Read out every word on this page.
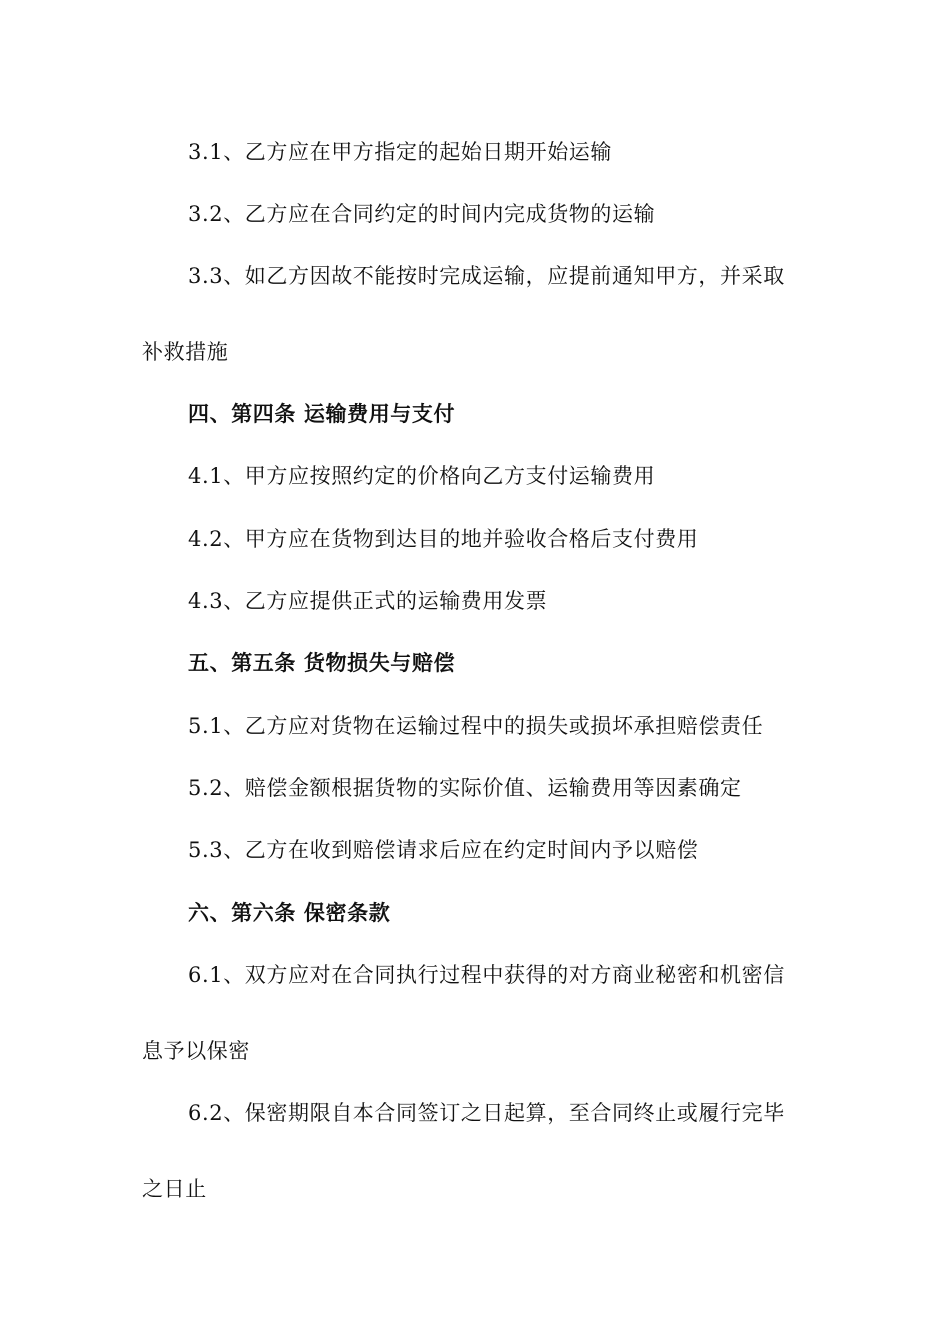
3.1、乙方应在甲方指定的起始日期开始运输
3.2、乙方应在合同约定的时间内完成货物的运输
3.3、如乙方因故不能按时完成运输，应提前通知甲方，并采取
补救措施
四、第四条 运输费用与支付
4.1、甲方应按照约定的价格向乙方支付运输费用
4.2、甲方应在货物到达目的地并验收合格后支付费用
4.3、乙方应提供正式的运输费用发票
五、第五条 货物损失与赔偿
5.1、乙方应对货物在运输过程中的损失或损坏承担赔偿责任
5.2、赔偿金额根据货物的实际价值、运输费用等因素确定
5.3、乙方在收到赔偿请求后应在约定时间内予以赔偿
六、第六条 保密条款
6.1、双方应对在合同执行过程中获得的对方商业秘密和机密信
息予以保密
6.2、保密期限自本合同签订之日起算，至合同终止或履行完毕
之日止
